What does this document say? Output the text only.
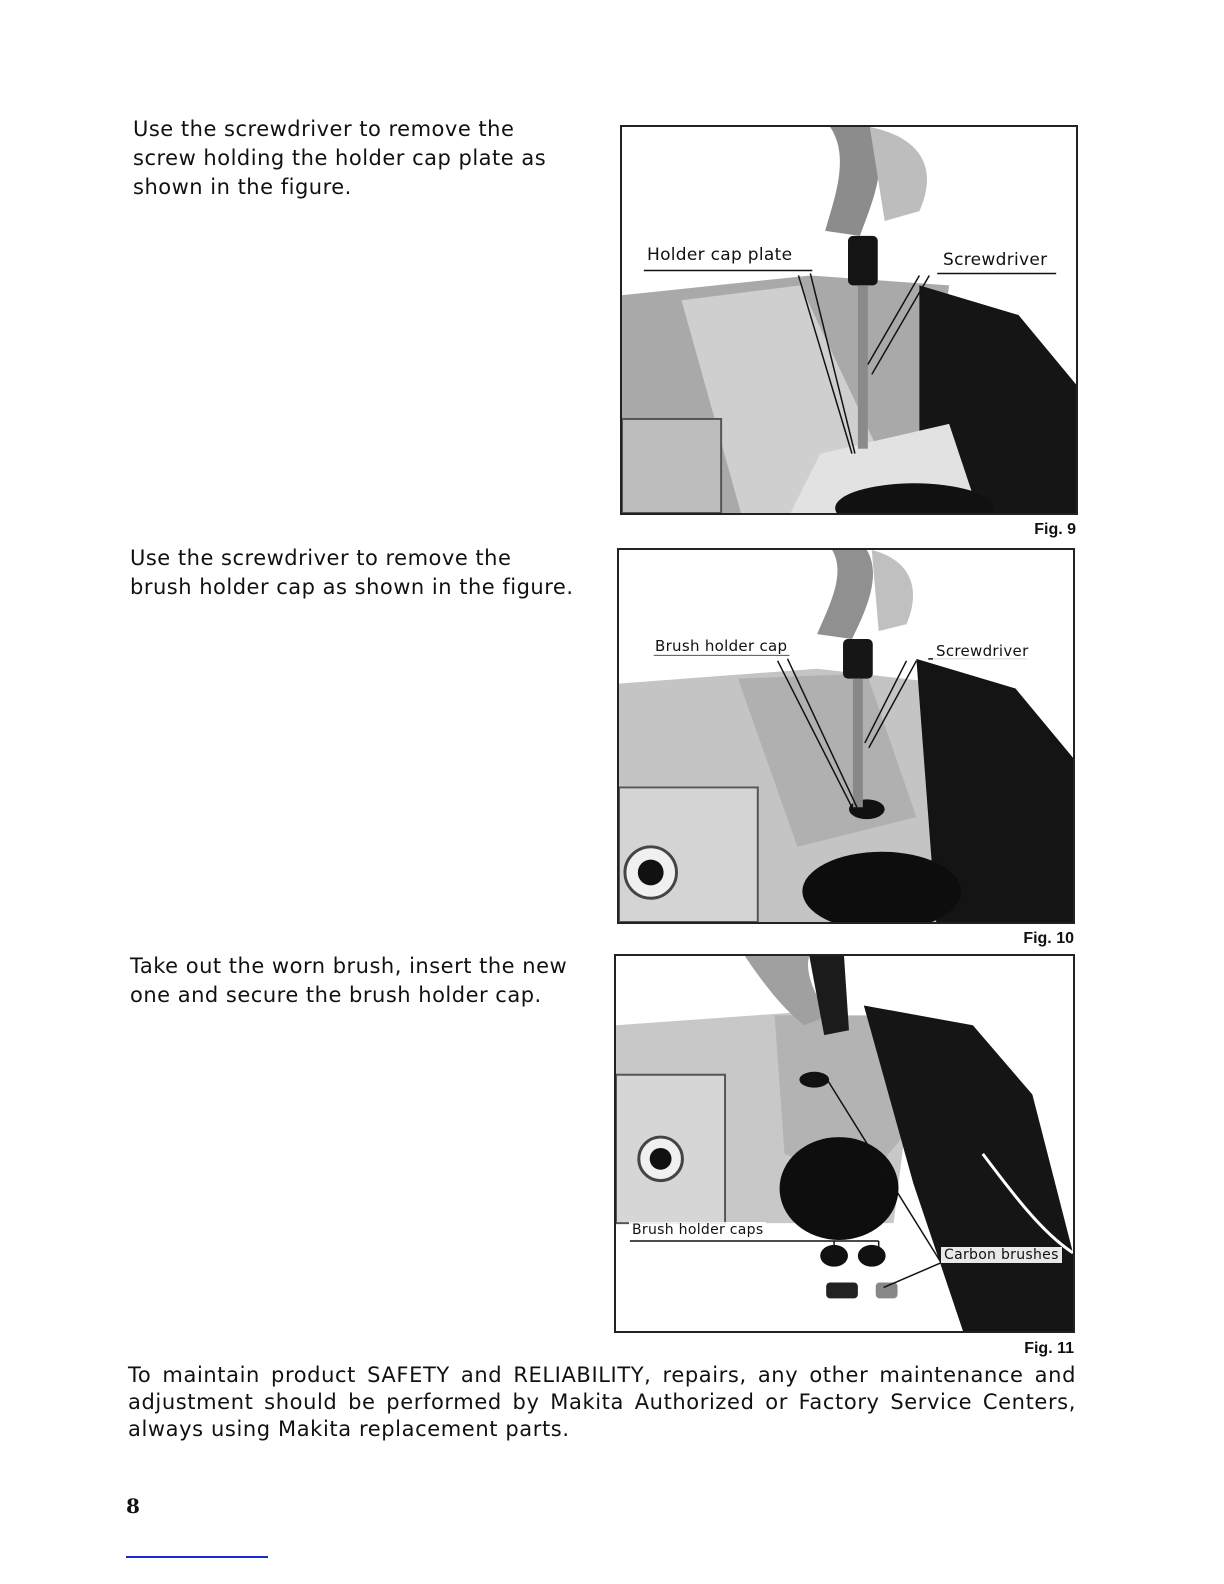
Use the screwdriver to remove the screw holding the holder cap plate as shown in the figure.
Use the screwdriver to remove the brush holder cap as shown in the figure.
Take out the worn brush, insert the new one and secure the brush holder cap.
Holder cap plate	Screwdriver
Fig. 9
Brush holder cap	Screwdriver
Fig. 10
Brush holder caps
Carbon brushes
Fig. 11
To maintain product SAFETY and RELIABILITY, repairs, any other maintenance and adjustment should be performed by Makita Authorized or Factory Service Centers, always using Makita replacement parts.
8
